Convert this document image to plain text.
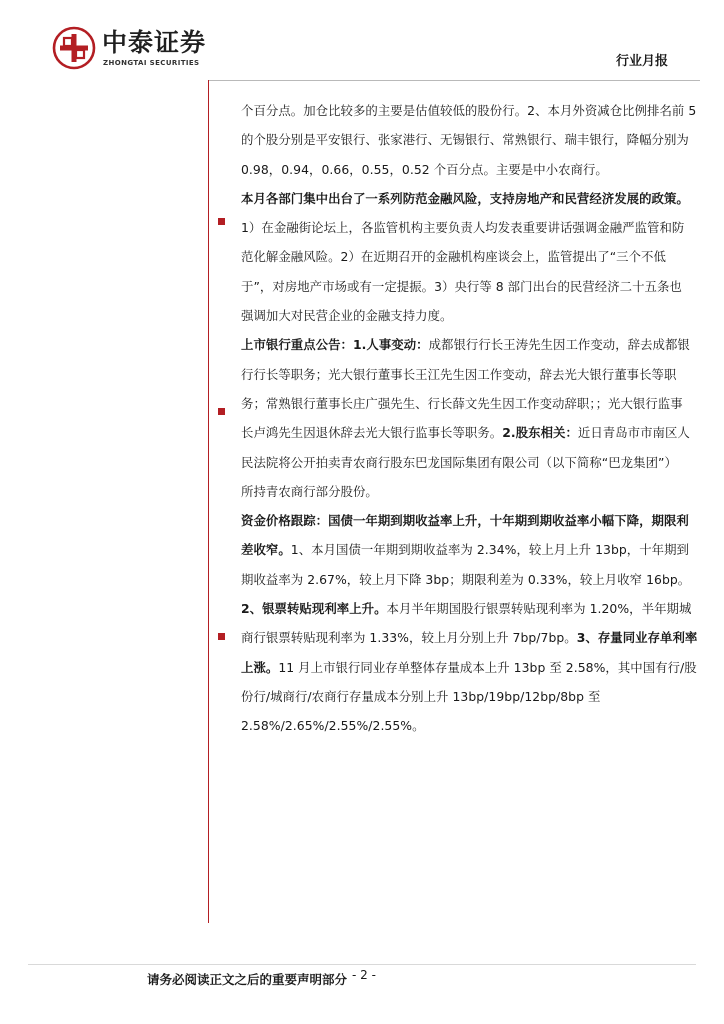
中泰证券
ZHONGTAI SECURITIES	行业月报

个百分点。加仓比较多的主要是估值较低的股份行。2、本月外资减仓比例排名前 5

的个股分别是平安银行、张家港行、无锡银行、常熟银行、瑞丰银行，降幅分别为

0.98，0.94，0.66，0.55，0.52 个百分点。主要是中小农商行。

本月各部门集中出台了一系列防范金融风险，支持房地产和民营经济发展的政策。

1）在金融街论坛上，各监管机构主要负责人均发表重要讲话强调金融严监管和防

范化解金融风险。2）在近期召开的金融机构座谈会上，监管提出了“三个不低

于”，对房地产市场或有一定提振。3）央行等 8 部门出台的民营经济二十五条也

强调加大对民营企业的金融支持力度。

上市银行重点公告：1.人事变动：成都银行行长王涛先生因工作变动，辞去成都银

行行长等职务；光大银行董事长王江先生因工作变动，辞去光大银行董事长等职

务；常熟银行董事长庄广强先生、行长薛文先生因工作变动辞职；；光大银行监事

长卢鸿先生因退休辞去光大银行监事长等职务。2.股东相关：近日青岛市市南区人

民法院将公开拍卖青农商行股东巴龙国际集团有限公司（以下简称“巴龙集团”）

所持青农商行部分股份。

资金价格跟踪：国债一年期到期收益率上升，十年期到期收益率小幅下降，期限利

差收窄。1、本月国债一年期到期收益率为 2.34%，较上月上升 13bp，十年期到

期收益率为 2.67%，较上月下降 3bp；期限利差为 0.33%，较上月收窄 16bp。

2、银票转贴现利率上升。本月半年期国股行银票转贴现利率为 1.20%，半年期城

商行银票转贴现利率为 1.33%，较上月分别上升 7bp/7bp。3、存量同业存单利率

上涨。11 月上市银行同业存单整体存量成本上升 13bp 至 2.58%，其中国有行/股

份行/城商行/农商行存量成本分别上升 13bp/19bp/12bp/8bp 至

2.58%/2.65%/2.55%/2.55%。

请务必阅读正文之后的重要声明部分 - 2 -
